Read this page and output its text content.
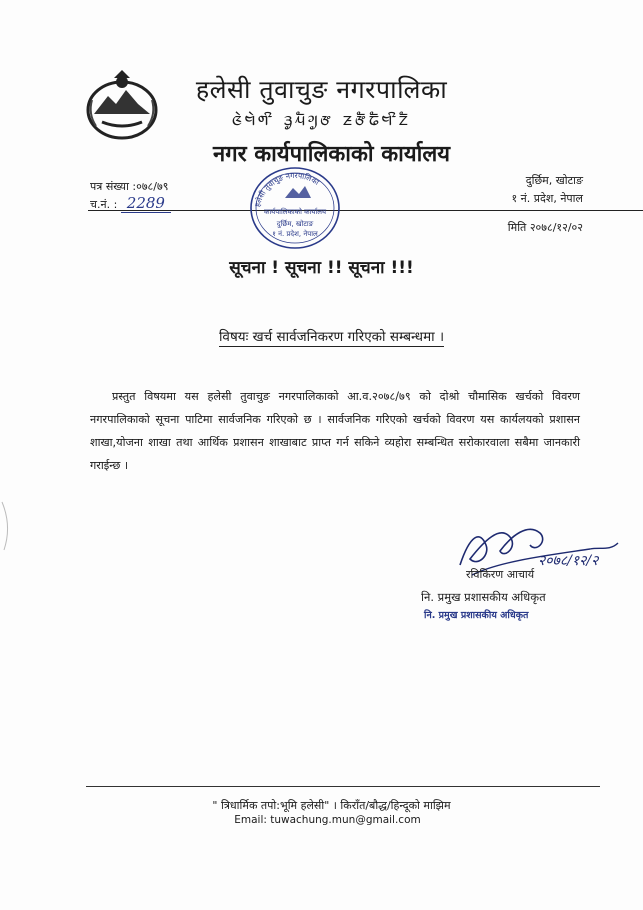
हलेसी तुवाचुङ नगरपालिका
ᤜᤧᤗᤧᤛᤡ ᤋᤢᤘᤠᤆᤢᤅ ᤏᤅᤠᤒᤠᤗᤡᤁᤠ
नगर कार्यपालिकाको कार्यालय
पत्र संख्या :०७८/७९
च.नं. : 2289
दुर्छिम, खोटाङ
१ नं. प्रदेश, नेपाल
हलेसी तुवाचुङ नगरपालिका
कार्यपालिकाको कार्यालय
दुर्छिम, खोटाङ
१ नं. प्रदेश, नेपाल	मिति २०७८/१२/०२
सूचना ! सूचना !! सूचना !!!
विषयः खर्च सार्वजनिकरण गरिएको सम्बन्धमा ।
प्रस्तुत विषयमा यस हलेसी तुवाचुङ नगरपालिकाको आ.व.२०७८/७९ को दोश्रो चौमासिक खर्चको विवरण नगरपालिकाको सूचना पाटिमा सार्वजनिक गरिएको छ । सार्वजनिक गरिएको खर्चको विवरण यस कार्यलयको प्रशासन शाखा,योजना शाखा तथा आर्थिक प्रशासन शाखाबाट प्राप्त गर्न सकिने व्यहोरा सम्बन्धित सरोकारवाला सबैमा जानकारी गराईन्छ ।
२०७८/१२/२
रविकिरण आचार्य
नि. प्रमुख प्रशासकीय अधिकृत
नि. प्रमुख प्रशासकीय अधिकृत
" त्रिधार्मिक तपो:भूमि हलेसी" । किराँत/बौद्ध/हिन्दूको माझिम
Email: tuwachung.mun@gmail.com
